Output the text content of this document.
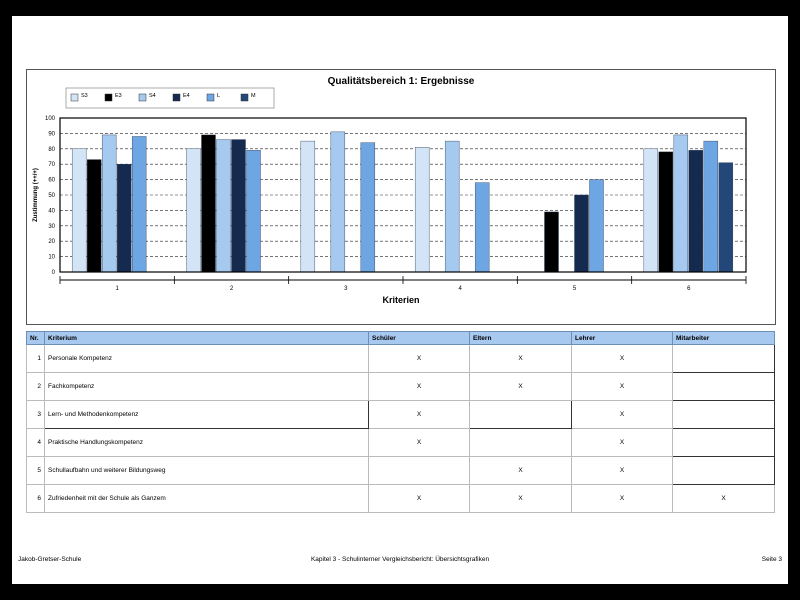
Qualitätsbereich 1: Ergebnisse
S3	E3	S4	E4	L	M
1	2	3	4	5	6
0
10
20
30
40
50
60
70
80
90
100
Kriterien
Zustimmung (++/+)
Nr.	Kriterium	Schüler	Eltern	Lehrer	Mitarbeiter
1	Personale Kompetenz	X	X	X	
2	Fachkompetenz	X	X	X	
3	Lern- und Methodenkompetenz	X		X	
4	Praktische Handlungskompetenz	X		X	
5	Schullaufbahn und weiterer Bildungsweg		X	X	
6	Zufriedenheit mit der Schule als Ganzem	X	X	X	X
Jakob-Gretser-Schule	Kapitel 3 - Schulinterner Vergleichsbericht: Übersichtsgrafiken	Seite 3
